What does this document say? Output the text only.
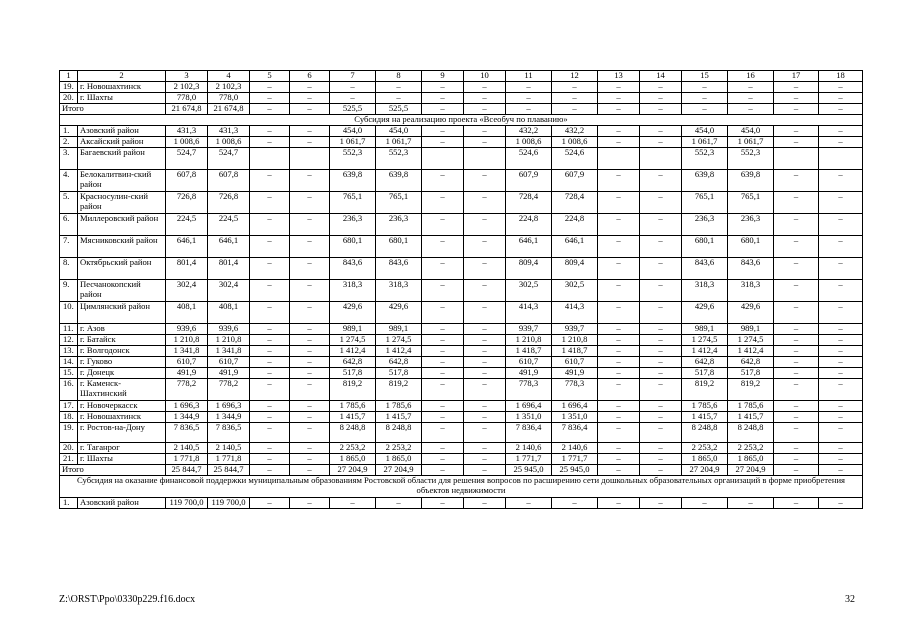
1	2	3	4	5	6	7	8	9	10	11	12	13	14	15	16	17	18
19.	г. Новошахтинск	2 102,3	2 102,3	–	–	–	–	–	–	–	–	–	–	–	–	–	–
20.	г. Шахты	778,0	778,0	–	–	–	–	–	–	–	–	–	–	–	–	–	–
Итого		21 674,8	21 674,8	–	–	525,5	525,5	–	–	–	–	–	–	–	–	–	–
Субсидия на реализацию проекта «Всеобуч по плаванию»																	
1.	Азовский район	431,3	431,3	–	–	454,0	454,0	–	–	432,2	432,2	–	–	454,0	454,0	–	–
2.	Аксайский район	1 008,6	1 008,6	–	–	1 061,7	1 061,7	–	–	1 008,6	1 008,6	–	–	1 061,7	1 061,7	–	–
3.	Багаевский район	524,7	524,7			552,3	552,3			524,6	524,6			552,3	552,3		
4.	Белокалитвин-ский район	607,8	607,8	–	–	639,8	639,8	–	–	607,9	607,9	–	–	639,8	639,8	–	–
5.	Красносулин-ский район	726,8	726,8	–	–	765,1	765,1	–	–	728,4	728,4	–	–	765,1	765,1	–	–
6.	Миллеровский район	224,5	224,5	–	–	236,3	236,3	–	–	224,8	224,8	–	–	236,3	236,3	–	–
7.	Мясниковский район	646,1	646,1	–	–	680,1	680,1	–	–	646,1	646,1	–	–	680,1	680,1	–	–
8.	Октябрьский район	801,4	801,4	–	–	843,6	843,6	–	–	809,4	809,4	–	–	843,6	843,6	–	–
9.	Песчанокопский район	302,4	302,4	–	–	318,3	318,3	–	–	302,5	302,5	–	–	318,3	318,3	–	–
10.	Цимлянский район	408,1	408,1	–	–	429,6	429,6	–	–	414,3	414,3	–	–	429,6	429,6	–	–
11.	г. Азов	939,6	939,6	–	–	989,1	989,1	–	–	939,7	939,7	–	–	989,1	989,1	–	–
12.	г. Батайск	1 210,8	1 210,8	–	–	1 274,5	1 274,5	–	–	1 210,8	1 210,8	–	–	1 274,5	1 274,5	–	–
13.	г. Волгодонск	1 341,8	1 341,8	–	–	1 412,4	1 412,4	–	–	1 418,7	1 418,7	–	–	1 412,4	1 412,4	–	–
14.	г. Гуково	610,7	610,7	–	–	642,8	642,8	–	–	610,7	610,7	–	–	642,8	642,8	–	–
15.	г. Донецк	491,9	491,9	–	–	517,8	517,8	–	–	491,9	491,9	–	–	517,8	517,8	–	–
16.	г. Каменск-Шахтинский	778,2	778,2	–	–	819,2	819,2	–	–	778,3	778,3	–	–	819,2	819,2	–	–
17.	г. Новочеркасск	1 696,3	1 696,3	–	–	1 785,6	1 785,6	–	–	1 696,4	1 696,4	–	–	1 785,6	1 785,6	–	–
18.	г. Новошахтинск	1 344,9	1 344,9	–	–	1 415,7	1 415,7	–	–	1 351,0	1 351,0	–	–	1 415,7	1 415,7	–	–
19.	г. Ростов-на-Дону	7 836,5	7 836,5	–	–	8 248,8	8 248,8	–	–	7 836,4	7 836,4	–	–	8 248,8	8 248,8	–	–
20.	г. Таганрог	2 140,5	2 140,5	–	–	2 253,2	2 253,2	–	–	2 140,6	2 140,6	–	–	2 253,2	2 253,2	–	–
21.	г. Шахты	1 771,8	1 771,8	–	–	1 865,0	1 865,0	–	–	1 771,7	1 771,7	–	–	1 865,0	1 865,0	–	–
Итого		25 844,7	25 844,7	–	–	27 204,9	27 204,9	–	–	25 945,0	25 945,0	–	–	27 204,9	27 204,9	–	–
Субсидия на оказание финансовой поддержки муниципальным образованиям Ростовской области для решения вопросов по расширению сети дошкольных образовательных организаций в форме приобретения объектов недвижимости																	
1.	Азовский район	119 700,0	119 700,0	–	–	–	–	–	–	–	–	–	–	–	–	–	–
Z:\ORST\Ppo\0330p229.f16.docx	32
